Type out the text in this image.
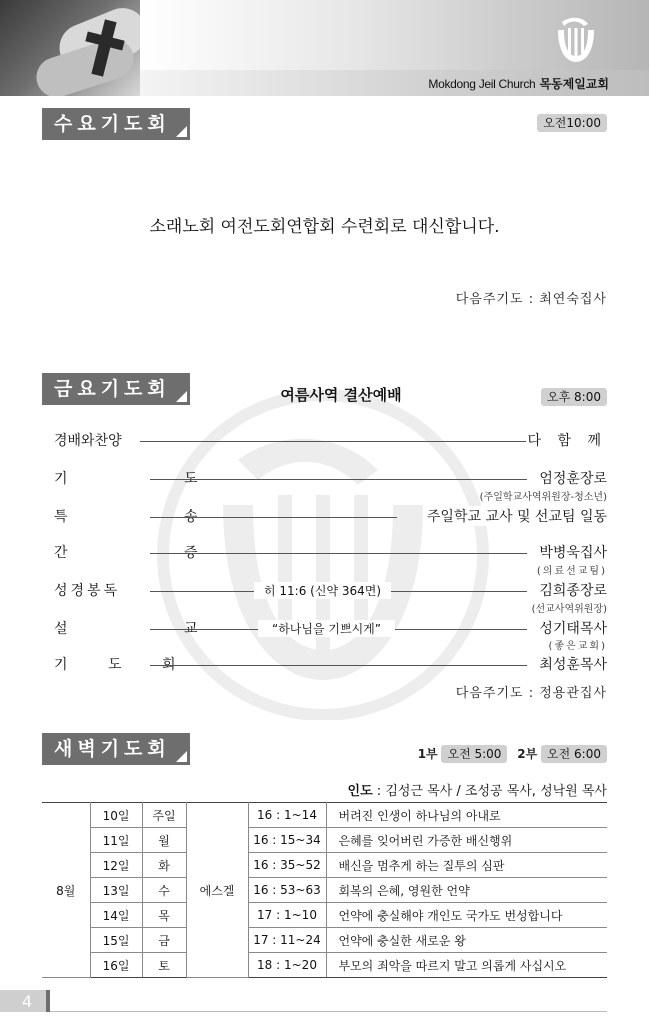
Mokdong Jeil Church 목동제일교회
수요기도회	오전10:00
소래노회 여전도회연합회 수련회로 대신합니다.
다음주기도 : 최연숙집사
금요기도회	여름사역 결산예배	오후 8:00
경배와찬양	다 함 께
기 도	엄정훈장로
(주일학교사역위원장-청소년)
특 송	주일학교 교사 및 선교팀 일동
간 증	박병욱집사
(의료선교팀)
성경봉독	히 11:6 (신약 364면)	김희종장로
(선교사역위원장)
설 교	“하나님을 기쁘시게”	성기태목사
(좋은교회)
기 도 회	최성훈목사
다음주기도 : 정용관집사
새벽기도회	1부 오전 5:00 2부 오전 6:00
인도 : 김성근 목사 / 조성공 목사, 성낙원 목사
8월	10일	주일	에스겔	16 : 1~14	버려진 인생이 하나님의 아내로
	11일	월		16 : 15~34	은혜를 잊어버린 가증한 배신행위
	12일	화		16 : 35~52	배신을 멈추게 하는 질투의 심판
	13일	수		16 : 53~63	회복의 은혜, 영원한 언약
	14일	목		17 : 1~10	언약에 충실해야 개인도 국가도 번성합니다
	15일	금		17 : 11~24	언약에 충실한 새로운 왕
	16일	토		18 : 1~20	부모의 죄악을 따르지 말고 의롭게 사십시오
4
